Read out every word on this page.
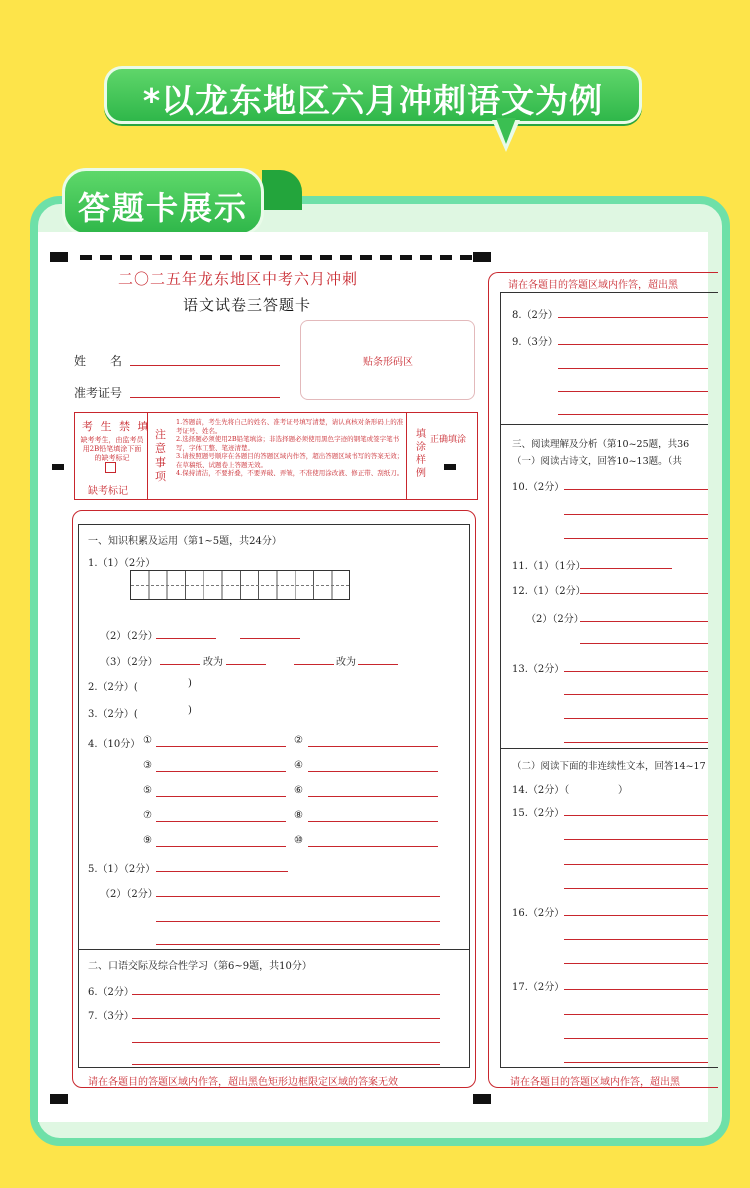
*以龙东地区六月冲刺语文为例
答题卡展示
二〇二五年龙东地区中考六月冲刺
语文试卷三答题卡
姓　　名
准考证号
贴条形码区
考 生 禁 填
缺考考生，由监考员用2B铅笔填涂下面的缺考标记
缺考标记
注意事项
1.答题前，考生先将自己的姓名、准考证号填写清楚，请认真核对条形码上的准考证号、姓名。
2.选择题必须使用2B铅笔填涂；非选择题必须使用黑色字迹的钢笔或签字笔书写，字体工整、笔迹清楚。
3.请按照题号顺序在各题目的答题区域内作答，超出答题区域书写的答案无效；在草稿纸、试题卷上答题无效。
4.保持清洁，不要折叠，不要弄破、弄皱，不准使用涂改液、修正带、刮纸刀。
填涂样例
正确填涂
一、知识积累及运用（第1~5题，共24分）
1.（1）（2分）
（2）（2分）
（3）（2分）	改为	改为
2.（2分）(	)
3.（2分）(	)
4.（10分） ①	②
③	④
⑤	⑥
⑦	⑧
⑨	⑩
5.（1）（2分）
（2）（2分）
二、口语交际及综合性学习（第6~9题，共10分）
6.（2分）
7.（3分）
请在各题目的答题区域内作答，超出黑色矩形边框限定区域的答案无效
请在各题目的答题区域内作答，超出黑
8.（2分）
9.（3分）
三、阅读理解及分析（第10~25题，共36
（一）阅读古诗文，回答10~13题。（共
10.（2分）
11.（1）（1分）
12.（1）（2分）
（2）（2分）
13.（2分）
（二）阅读下面的非连续性文本，回答14~17
14.（2分）（	）
15.（2分）
16.（2分）
17.（2分）
请在各题目的答题区域内作答，超出黑
